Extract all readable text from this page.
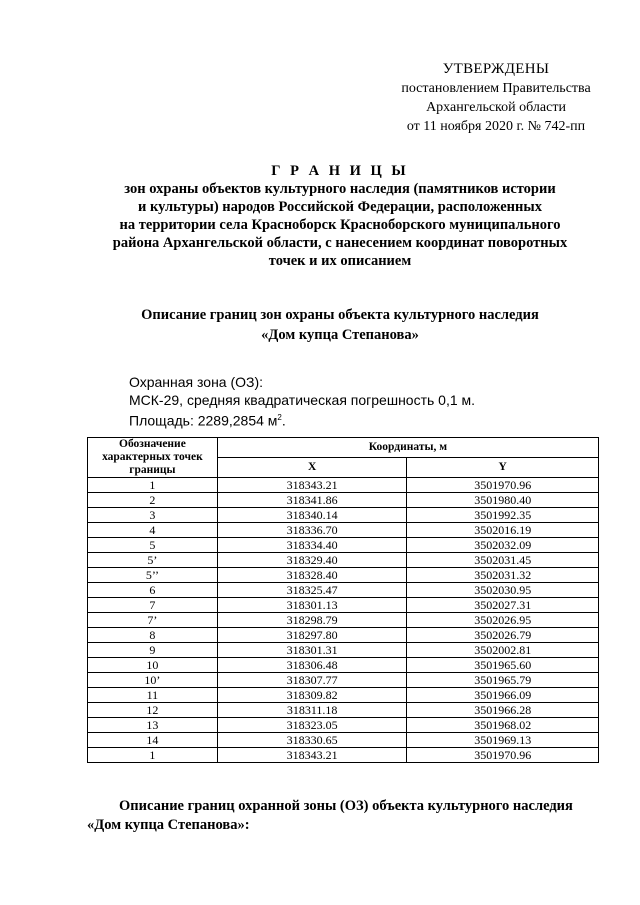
УТВЕРЖДЕНЫ
постановлением Правительства
Архангельской области
от 11 ноября 2020 г. № 742-пп
Г Р А Н И Ц Ы
зон охраны объектов культурного наследия (памятников истории
и культуры) народов Российской Федерации, расположенных
на территории села Красноборск Красноборского муниципального
района Архангельской области, с нанесением координат поворотных
точек и их описанием
Описание границ зон охраны объекта культурного наследия
«Дом купца Степанова»
Охранная зона (ОЗ):
МСК-29, средняя квадратическая погрешность 0,1 м.
Площадь: 2289,2854 $м^2$.
Обозначение характерных точек границы	Координаты, м	
	X	Y
1	318343.21	3501970.96
2	318341.86	3501980.40
3	318340.14	3501992.35
4	318336.70	3502016.19
5	318334.40	3502032.09
5’	318329.40	3502031.45
5’’	318328.40	3502031.32
6	318325.47	3502030.95
7	318301.13	3502027.31
7’	318298.79	3502026.95
8	318297.80	3502026.79
9	318301.31	3502002.81
10	318306.48	3501965.60
10’	318307.77	3501965.79
11	318309.82	3501966.09
12	318311.18	3501966.28
13	318323.05	3501968.02
14	318330.65	3501969.13
1	318343.21	3501970.96
Описание границ охранной зоны (ОЗ) объекта культурного наследия
«Дом купца Степанова»:
